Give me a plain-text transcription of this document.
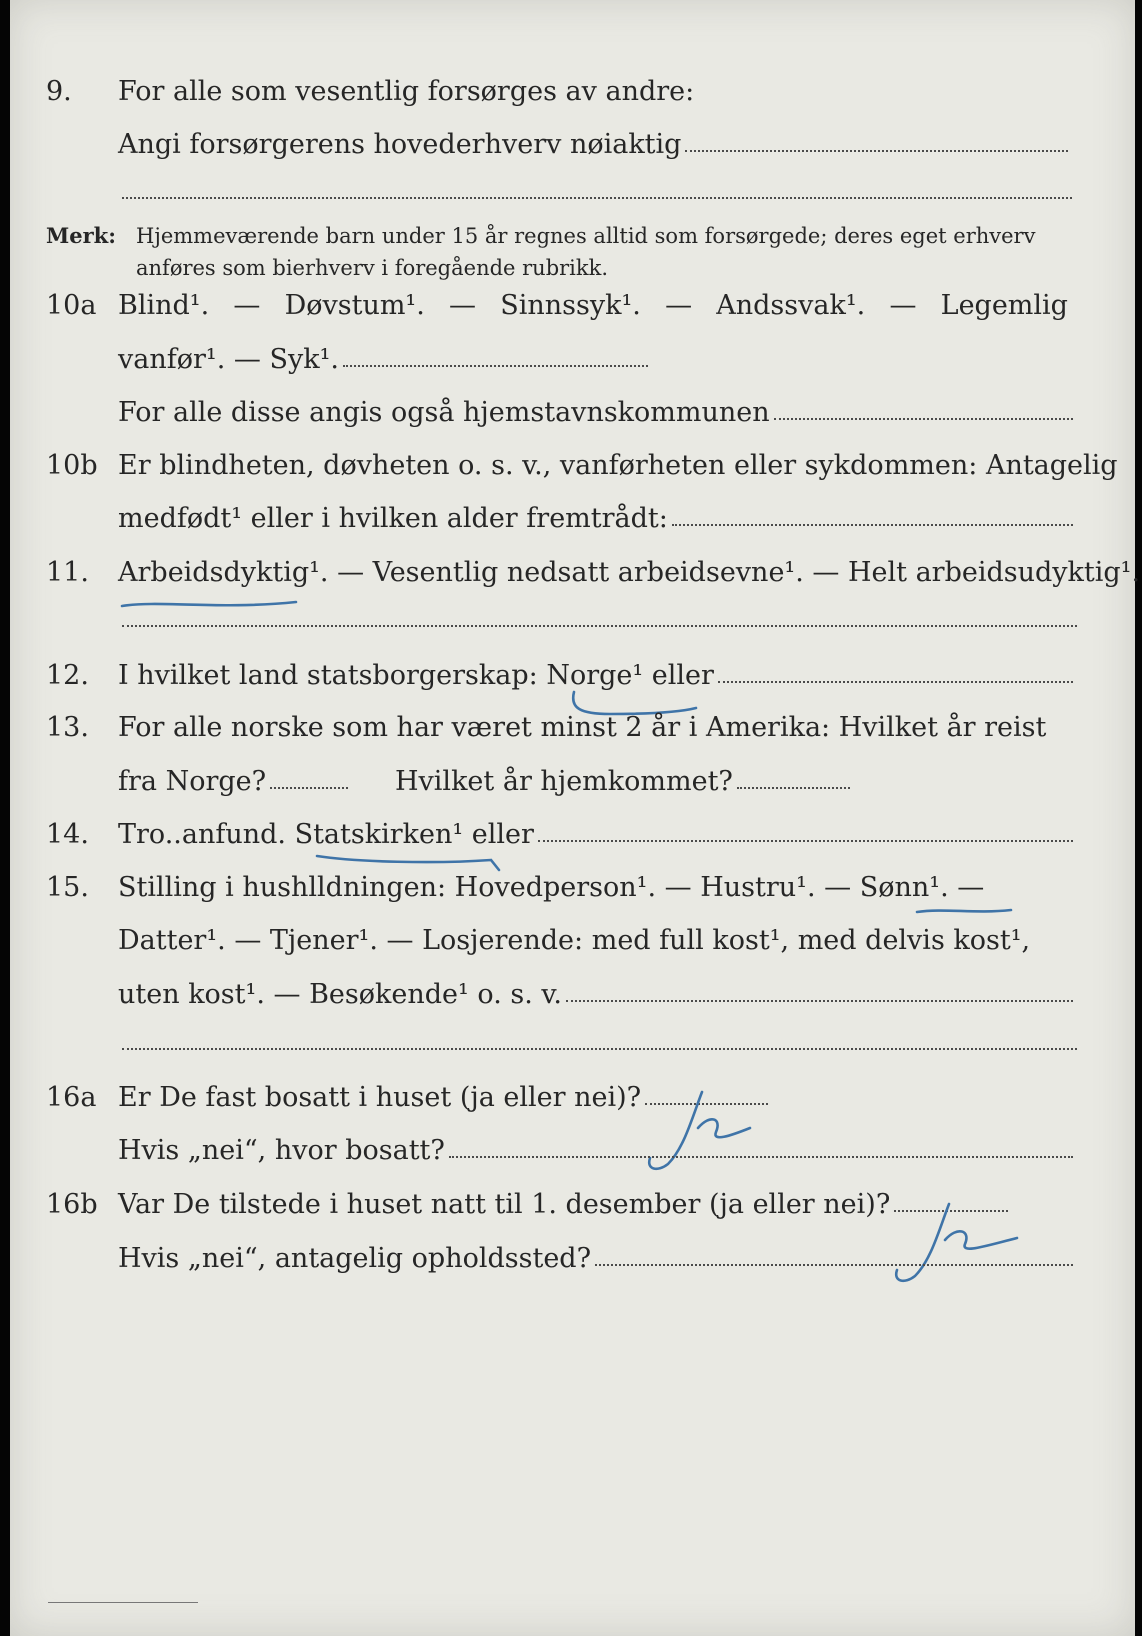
9. For alle som vesentlig forsørges av andre:
Angi forsørgerens hovederhverv nøiaktig
Merk: Hjemmeværende barn under 15 år regnes alltid som forsørgede; deres eget erhverv
anføres som bierhverv i foregående rubrikk.
10a Blind¹. — Døvstum¹. — Sinnssyk¹. — Andssvak¹. — Legemlig
vanfør¹. — Syk¹.
For alle disse angis også hjemstavnskommunen
10b Er blindheten, døvheten o. s. v., vanførheten eller sykdommen: Antagelig
medfødt¹ eller i hvilken alder fremtrådt:
11. Arbeidsdyktig¹. — Vesentlig nedsatt arbeidsevne¹. — Helt arbeidsudyktig¹.
12. I hvilket land statsborgerskap: Norge¹ eller
13. For alle norske som har været minst 2 år i Amerika: Hvilket år reist
fra Norge?	Hvilket år hjemkommet?
14. Tro..anfund. Statskirken¹ eller
15. Stilling i hushlldningen: Hovedperson¹. — Hustru¹. — Sønn¹. —
Datter¹. — Tjener¹. — Losjerende: med full kost¹, med delvis kost¹,
uten kost¹. — Besøkende¹ o. s. v.
16a Er De fast bosatt i huset (ja eller nei)?
Hvis „nei“, hvor bosatt?
16b Var De tilstede i huset natt til 1. desember (ja eller nei)?
Hvis „nei“, antagelig opholdssted?
